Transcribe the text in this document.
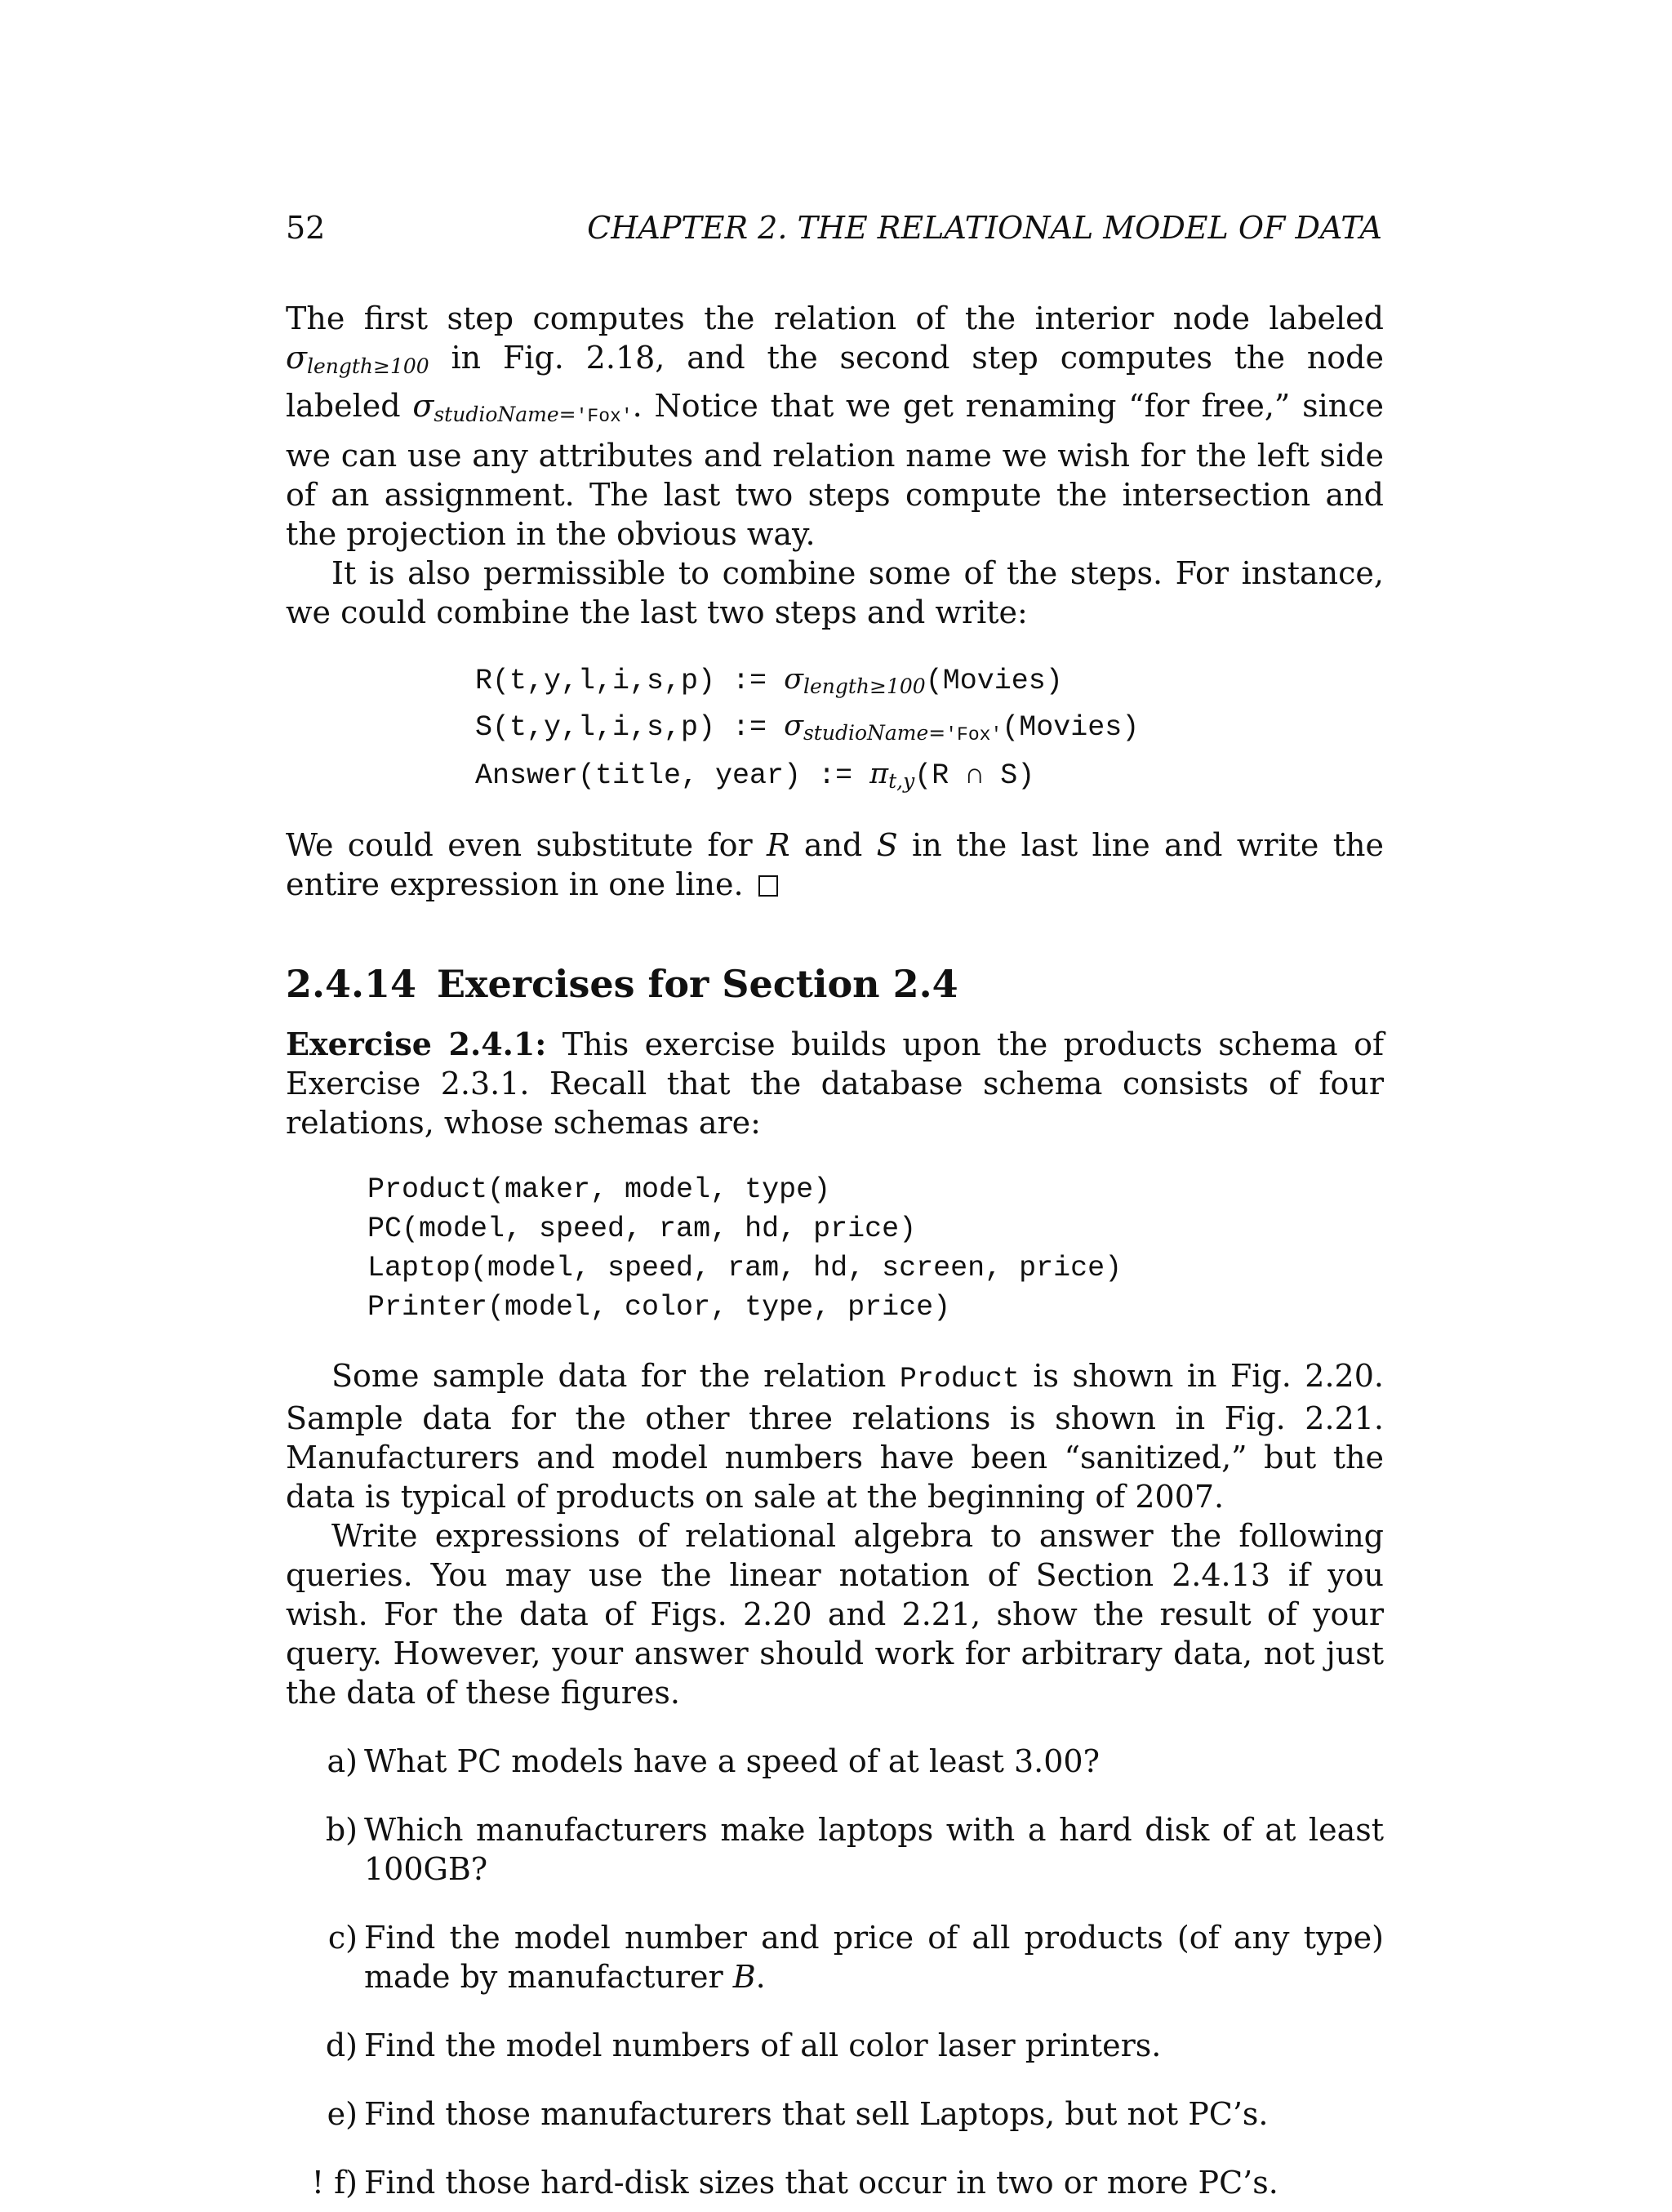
52	CHAPTER 2. THE RELATIONAL MODEL OF DATA

The first step computes the relation of the interior node labeled $\sigma_{length\ge 100}$ in Fig. 2.18, and the second step computes the node labeled $\sigma_{studioName=}'Fox'$. Notice that we get renaming “for free,” since we can use any attributes and relation name we wish for the left side of an assignment. The last two steps compute the intersection and the projection in the obvious way.

It is also permissible to combine some of the steps. For instance, we could combine the last two steps and write:

R(t,y,l,i,s,p) := $\sigma_{length\ge 100}(Movies)$
S(t,y,l,i,s,p) := $\sigma_{studioName=}'Fox'(Movies)$
Answer(title, year) := $\pi_{t,y}(R$ ∩ S)

We could even substitute for R and S in the last line and write the entire expression in one line.

2.4.14 Exercises for Section 2.4

Exercise 2.4.1: This exercise builds upon the products schema of Exercise 2.3.1. Recall that the database schema consists of four relations, whose schemas are:

Product(maker, model, type)
PC(model, speed, ram, hd, price)
Laptop(model, speed, ram, hd, screen, price)
Printer(model, color, type, price)

Some sample data for the relation Product is shown in Fig. 2.20. Sample data for the other three relations is shown in Fig. 2.21. Manufacturers and model numbers have been “sanitized,” but the data is typical of products on sale at the beginning of 2007.

Write expressions of relational algebra to answer the following queries. You may use the linear notation of Section 2.4.13 if you wish. For the data of Figs. 2.20 and 2.21, show the result of your query. However, your answer should work for arbitrary data, not just the data of these figures.

a) What PC models have a speed of at least 3.00?
b) Which manufacturers make laptops with a hard disk of at least 100GB?
c) Find the model number and price of all products (of any type) made by manufacturer B.
d) Find the model numbers of all color laser printers.
e) Find those manufacturers that sell Laptops, but not PC’s.
! f) Find those hard-disk sizes that occur in two or more PC’s.
